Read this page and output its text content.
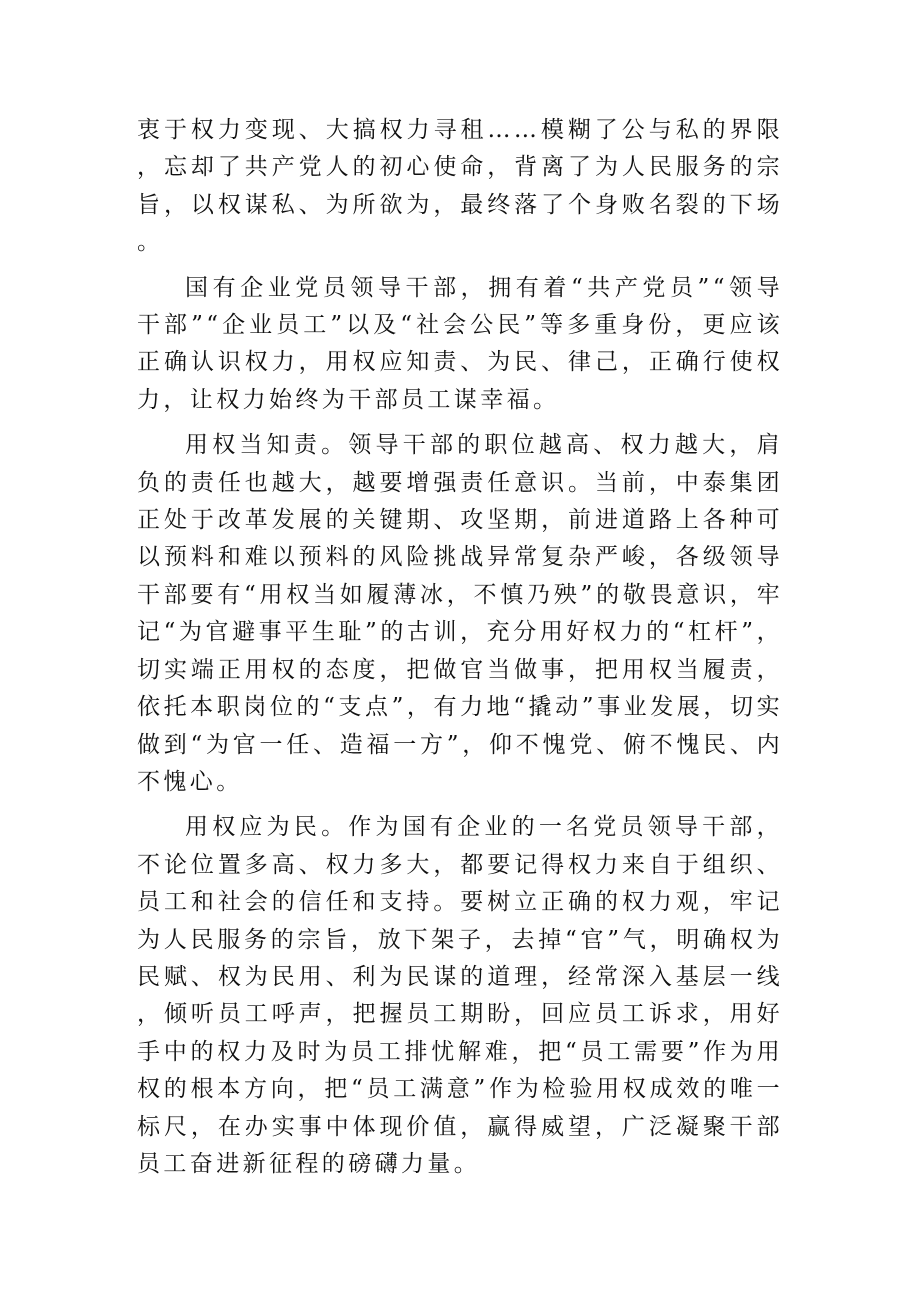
衷于权力变现、大搞权力寻租……模糊了公与私的界限，忘却了共产党人的初心使命，背离了为人民服务的宗旨，以权谋私、为所欲为，最终落了个身败名裂的下场。

国有企业党员领导干部，拥有着“共产党员”“领导干部”“企业员工”以及“社会公民”等多重身份，更应该正确认识权力，用权应知责、为民、律己，正确行使权力，让权力始终为干部员工谋幸福。

用权当知责。领导干部的职位越高、权力越大，肩负的责任也越大，越要增强责任意识。当前，中泰集团正处于改革发展的关键期、攻坚期，前进道路上各种可以预料和难以预料的风险挑战异常复杂严峻，各级领导干部要有“用权当如履薄冰，不慎乃殃”的敬畏意识，牢记“为官避事平生耻”的古训，充分用好权力的“杠杆”，切实端正用权的态度，把做官当做事，把用权当履责，依托本职岗位的“支点”，有力地“撬动”事业发展，切实做到“为官一任、造福一方”，仰不愧党、俯不愧民、内不愧心。

用权应为民。作为国有企业的一名党员领导干部，不论位置多高、权力多大，都要记得权力来自于组织、员工和社会的信任和支持。要树立正确的权力观，牢记为人民服务的宗旨，放下架子，去掉“官”气，明确权为民赋、权为民用、利为民谋的道理，经常深入基层一线，倾听员工呼声，把握员工期盼，回应员工诉求，用好手中的权力及时为员工排忧解难，把“员工需要”作为用权的根本方向，把“员工满意”作为检验用权成效的唯一标尺，在办实事中体现价值，赢得威望，广泛凝聚干部员工奋进新征程的磅礴力量。
